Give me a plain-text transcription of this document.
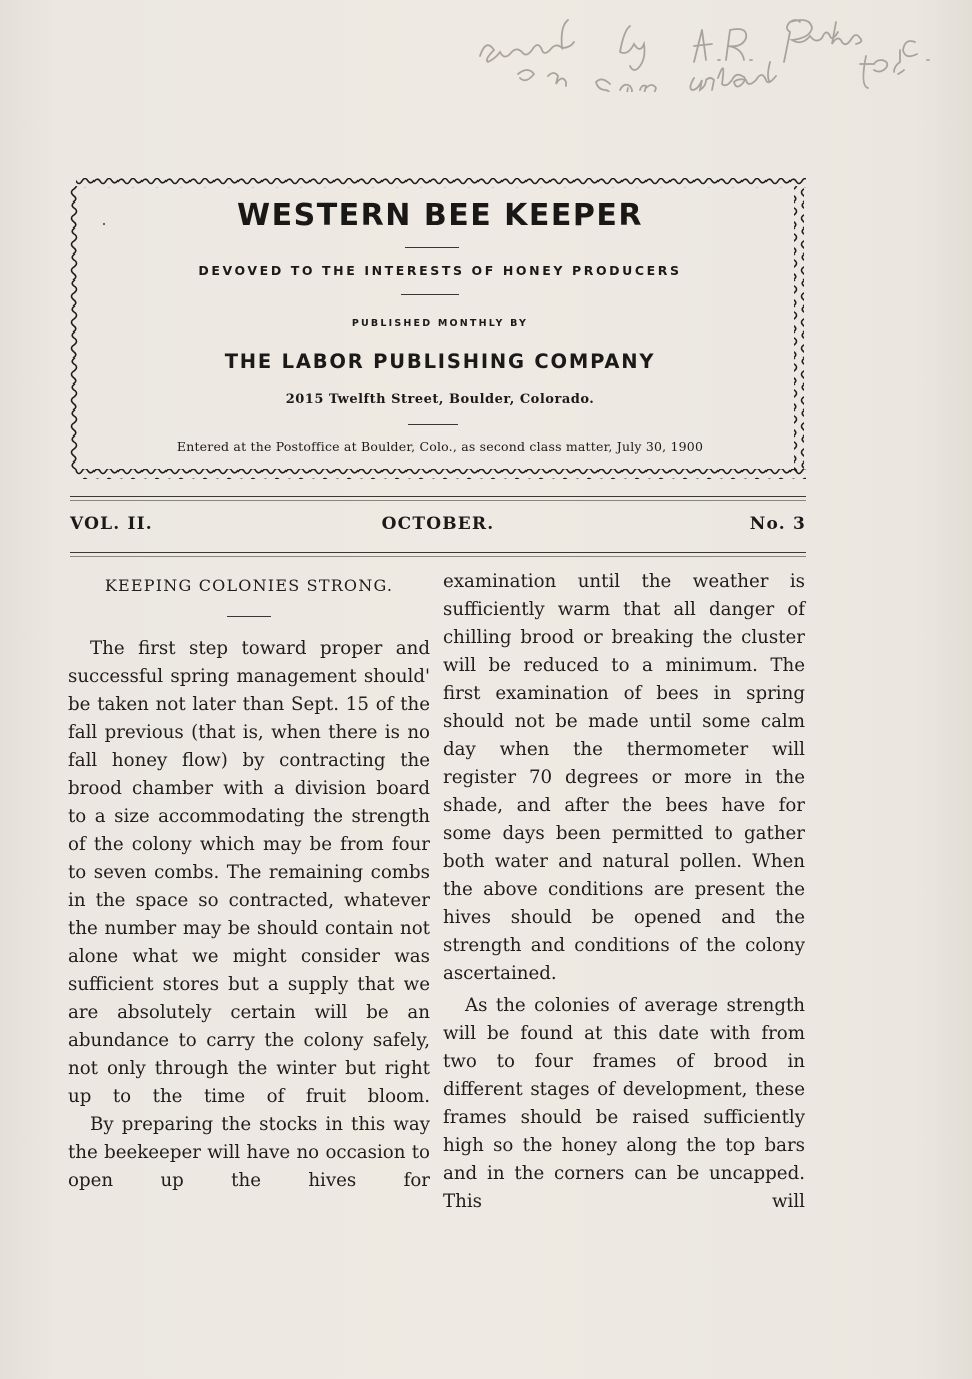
WESTERN BEE KEEPER
DEVOVED TO THE INTERESTS OF HONEY PRODUCERS
PUBLISHED MONTHLY BY
THE LABOR PUBLISHING COMPANY
2015 Twelfth Street, Boulder, Colorado.
Entered at the Postoffice at Boulder, Colo., as second class matter, July 30, 1900
VOL. II.	OCTOBER.	No. 3
KEEPING COLONIES STRONG.

The first step toward proper and successful spring management should' be taken not later than Sept. 15 of the fall previous (that is, when there is no fall honey flow) by contracting the brood chamber with a division board to a size accommodating the strength of the colony which may be from four to seven combs. The remaining combs in the space so contracted, whatever the number may be should contain not alone what we might consider was sufficient stores but a supply that we are absolutely certain will be an abundance to carry the colony safely, not only through the winter but right up to the time of fruit bloom.

By preparing the stocks in this way the beekeeper will have no occasion to open up the hives for

examination until the weather is sufficiently warm that all danger of chilling brood or breaking the cluster will be reduced to a minimum. The first examination of bees in spring should not be made until some calm day when the thermometer will register 70 degrees or more in the shade, and after the bees have for some days been permitted to gather both water and natural pollen. When the above conditions are present the hives should be opened and the strength and conditions of the colony ascertained.

As the colonies of average strength will be found at this date with from two to four frames of brood in different stages of development, these frames should be raised sufficiently high so the honey along the top bars and in the corners can be uncapped. This will
